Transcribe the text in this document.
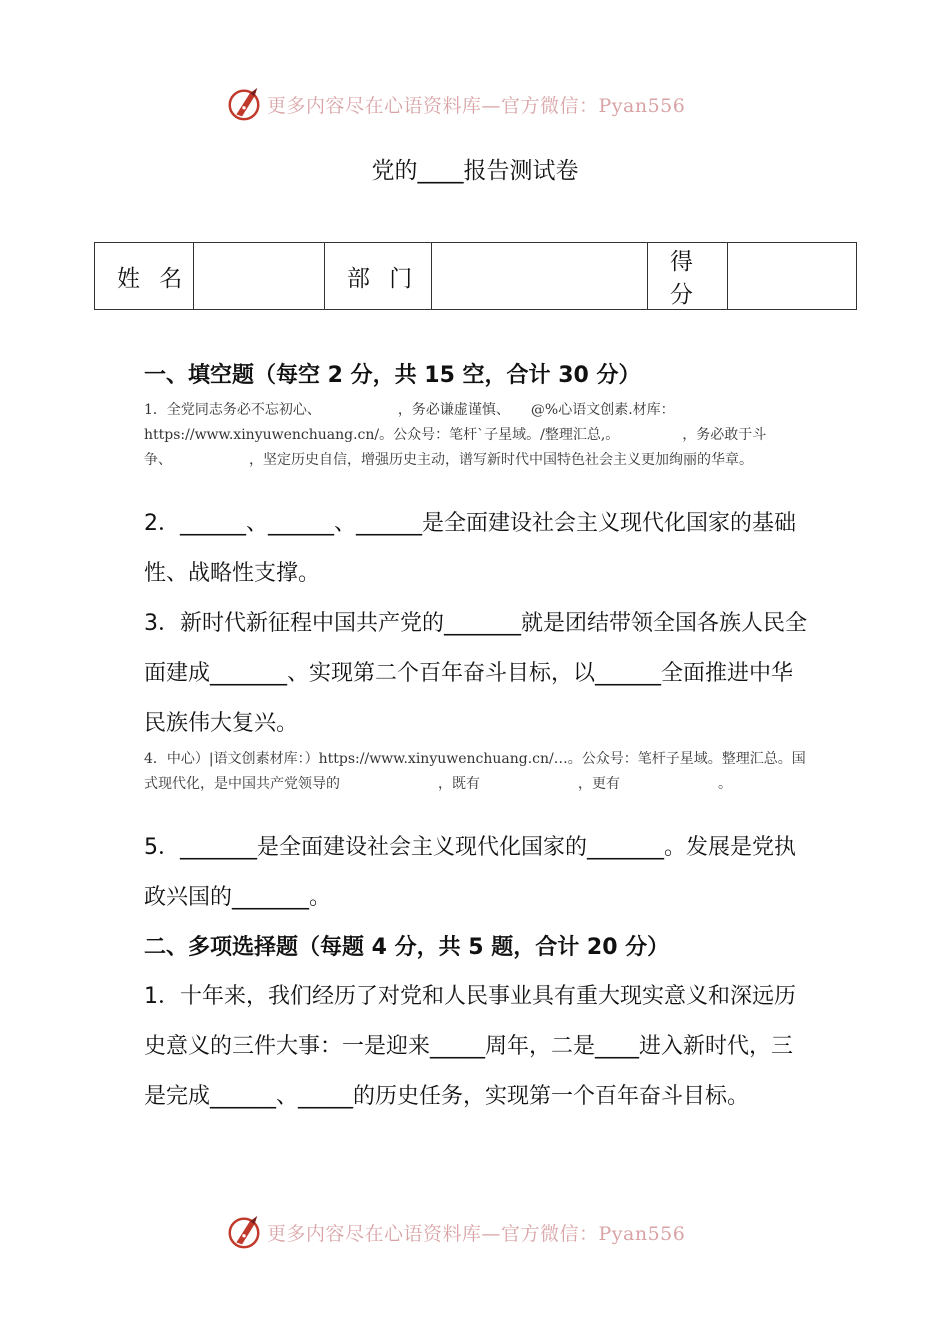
更多内容尽在心语资料库—官方微信：Pyan556
党的____报告测试卷
姓 名		部 门		得 分	
一、填空题（每空 2 分，共 15 空，合计 30 分）
1．全党同志务必不忘初心、　　　　　　，务必谦虚谨慎、　　@%心语文创素.材库：https://www.xinyuwenchuang.cn/。公众号：笔杆`子星域。/整理汇总,。　　　　　，务必敢于斗争、　　　　　　，坚定历史自信，增强历史主动，谱写新时代中国特色社会主义更加绚丽的华章。
2．______、______、______是全面建设社会主义现代化国家的基础性、战略性支撑。
3．新时代新征程中国共产党的_______就是团结带领全国各族人民全面建成_______、实现第二个百年奋斗目标，以______全面推进中华民族伟大复兴。
4．中心）|语文创素材库：）https://www.xinyuwenchuang.cn/…。公众号：笔杆子星域。整理汇总。国式现代化，是中国共产党领导的　　　　　　　，既有　　　　　　　，更有　　　　　　　。
5．_______是全面建设社会主义现代化国家的_______。发展是党执政兴国的_______。
二、多项选择题（每题 4 分，共 5 题，合计 20 分）
1．十年来，我们经历了对党和人民事业具有重大现实意义和深远历史意义的三件大事：一是迎来_____周年，二是____进入新时代，三是完成______、_____的历史任务，实现第一个百年奋斗目标。
更多内容尽在心语资料库—官方微信：Pyan556
